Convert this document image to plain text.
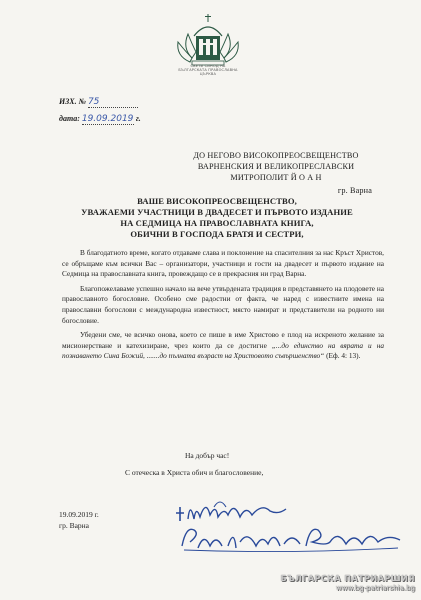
СВЕТИ СИНОД НА БЪЛГАРСКАТА ПРАВОСЛАВНА ЦЪРКВА
ИЗХ. № 75
дата: 19.09.2019 г.
ДО НЕГОВО ВИСОКОПРЕОСВЕЩЕНСТВО
ВАРНЕНСКИЯ И ВЕЛИКОПРЕСЛАВСКИ
МИТРОПОЛИТ Й О А Н
гр. Варна
ВАШЕ ВИСОКОПРЕОСВЕЩЕНСТВО,
УВАЖАЕМИ УЧАСТНИЦИ В ДВАДЕСЕТ И ПЪРВОТО ИЗДАНИЕ
НА СЕДМИЦА НА ПРАВОСЛАВНАТА КНИГА,
ОБИЧНИ В ГОСПОДА БРАТЯ И СЕСТРИ,

В благодатното време, когато отдаваме слава и поклонение на спасителния за нас Кръст Христов, се обръщаме към всички Вас – организатори, участници и гости на двадесет и първото издание на Седмица на православната книга, провеждащо се в прекрасния ни град Варна.

Благопожелаваме успешно начало на вече утвърдената традиция в представянето на плодовете на православното богословие. Особено сме радостни от факта, че наред с известните имена на православни богослови с международна известност, място намират и представители на родното ни богословие.

Убедени сме, че всичко онова, което се пише в име Христово е плод на искреното желание за мисионерстване и катехизиране, чрез които да се достигне „...до единство на вярата и на познаването Сина Божий, .......до пълната възраст на Христовото съвършенство“ (Еф. 4: 13).

На добър час!
С отеческа в Христа обич и благословение,
19.09.2019 г.
гр. Варна
БЪЛГАРСКА ПАТРИАРШИЯ
www.bg-patriarshia.bg
